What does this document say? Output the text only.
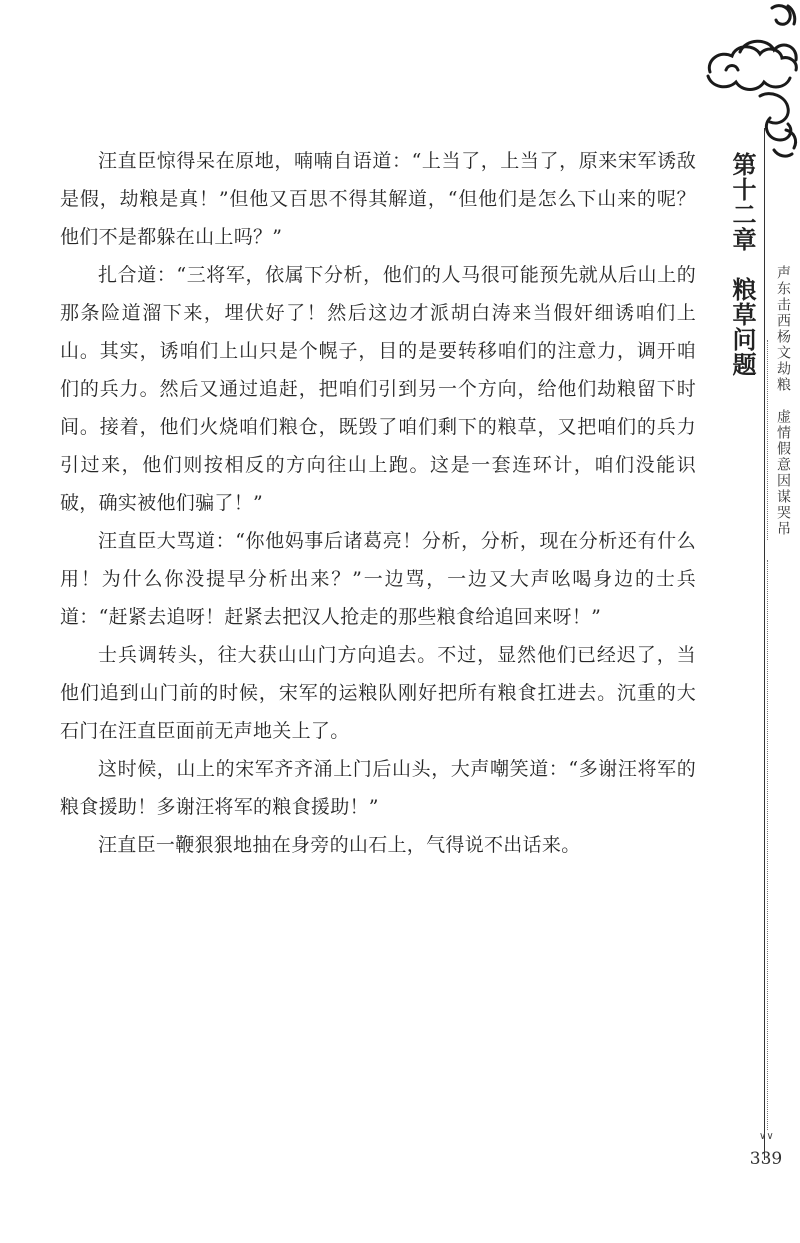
汪直臣惊得呆在原地，喃喃自语道：“上当了，上当了，原来宋军诱敌是假，劫粮是真！”但他又百思不得其解道，“但他们是怎么下山来的呢？他们不是都躲在山上吗？”

扎合道：“三将军，依属下分析，他们的人马很可能预先就从后山上的那条险道溜下来，埋伏好了！然后这边才派胡白涛来当假奸细诱咱们上山。其实，诱咱们上山只是个幌子，目的是要转移咱们的注意力，调开咱们的兵力。然后又通过追赶，把咱们引到另一个方向，给他们劫粮留下时间。接着，他们火烧咱们粮仓，既毁了咱们剩下的粮草，又把咱们的兵力引过来，他们则按相反的方向往山上跑。这是一套连环计，咱们没能识破，确实被他们骗了！”

汪直臣大骂道：“你他妈事后诸葛亮！分析，分析，现在分析还有什么用！为什么你没提早分析出来？”一边骂，一边又大声吆喝身边的士兵道：“赶紧去追呀！赶紧去把汉人抢走的那些粮食给追回来呀！”

士兵调转头，往大获山山门方向追去。不过，显然他们已经迟了，当他们追到山门前的时候，宋军的运粮队刚好把所有粮食扛进去。沉重的大石门在汪直臣面前无声地关上了。

这时候，山上的宋军齐齐涌上门后山头，大声嘲笑道：“多谢汪将军的粮食援助！多谢汪将军的粮食援助！”

汪直臣一鞭狠狠地抽在身旁的山石上，气得说不出话来。

第十二章　粮草问题
声东击西杨文劫粮　虚情假意因谋哭吊
∨∨
339
